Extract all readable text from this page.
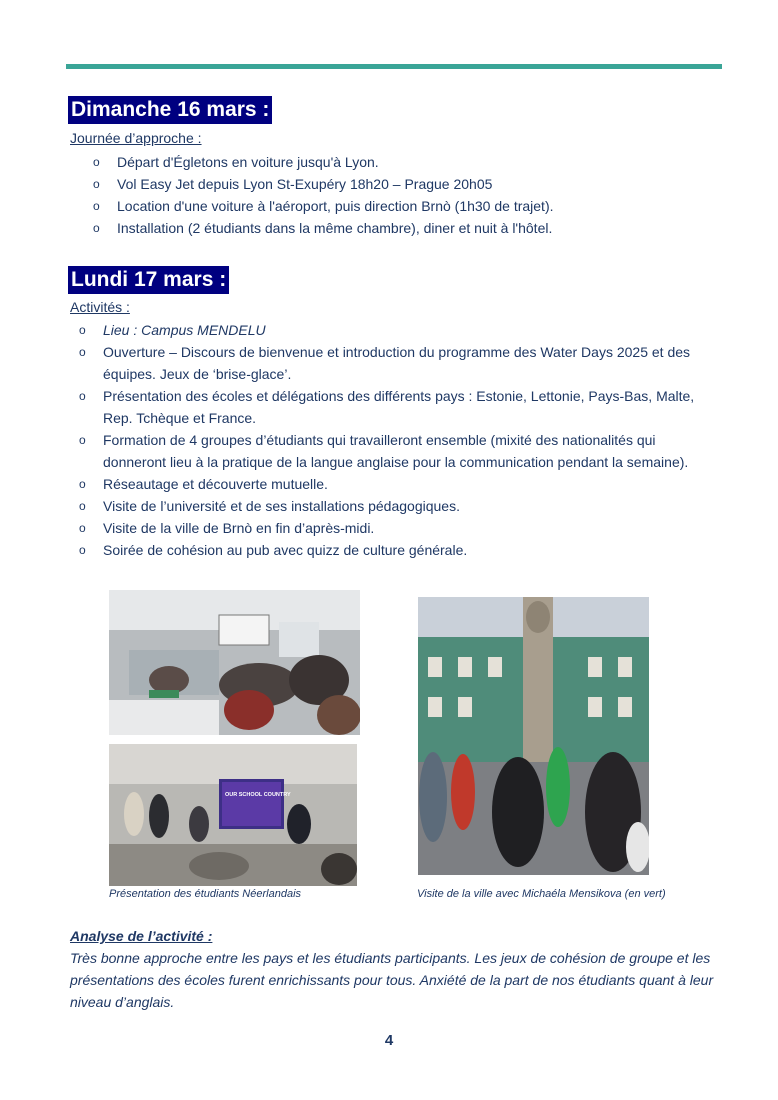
Dimanche 16 mars :
Journée d’approche :
o Départ d'Égletons en voiture jusqu'à Lyon.
o Vol Easy Jet depuis Lyon St-Exupéry 18h20 – Prague 20h05
o Location d'une voiture à l'aéroport, puis direction Brnò (1h30 de trajet).
o Installation (2 étudiants dans la même chambre), diner et nuit à l'hôtel.
Lundi 17 mars :
Activités :
o Lieu : Campus MENDELU
o Ouverture – Discours de bienvenue et introduction du programme des Water Days 2025 et des équipes. Jeux de ‘brise-glace’.
o Présentation des écoles et délégations des différents pays : Estonie, Lettonie, Pays-Bas, Malte, Rep. Tchèque et France.
o Formation de 4 groupes d’étudiants qui travailleront ensemble (mixité des nationalités qui donneront lieu à la pratique de la langue anglaise pour la communication pendant la semaine).
o Réseautage et découverte mutuelle.
o Visite de l’université et de ses installations pédagogiques.
o Visite de la ville de Brnò en fin d’après-midi.
o Soirée de cohésion au pub avec quizz de culture générale.
OUR SCHOOL COUNTRY
Présentation des étudiants Néerlandais	Visite de la ville avec Michaéla Mensikova (en vert)
Analyse de l’activité :
Très bonne approche entre les pays et les étudiants participants. Les jeux de cohésion de groupe et les présentations des écoles furent enrichissants pour tous. Anxiété de la part de nos étudiants quant à leur niveau d’anglais.
4
